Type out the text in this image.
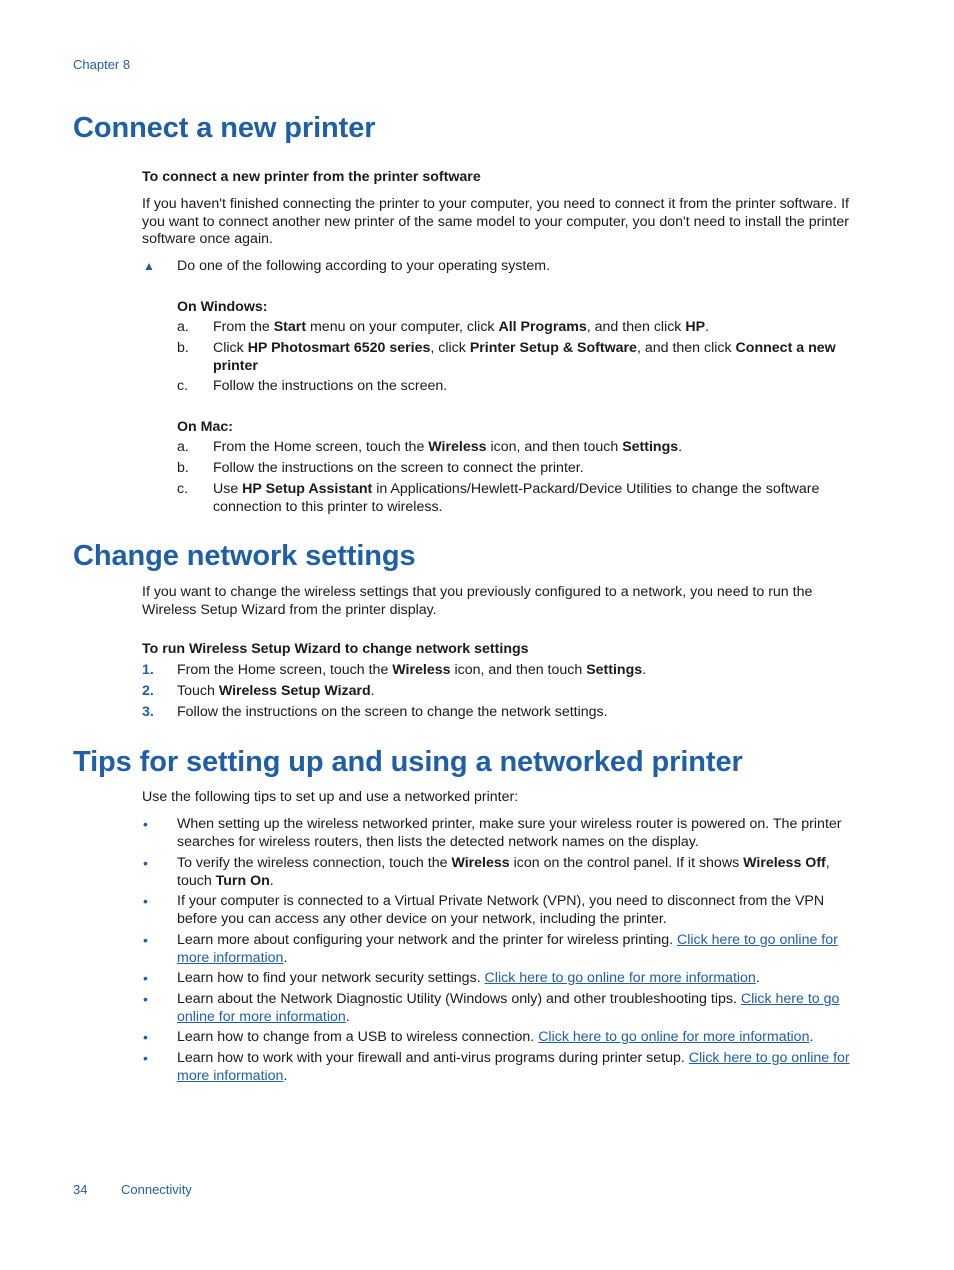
Chapter 8
Connect a new printer
To connect a new printer from the printer software
If you haven't finished connecting the printer to your computer, you need to connect it from the printer software. If you want to connect another new printer of the same model to your computer, you don't need to install the printer software once again.
▲ Do one of the following according to your operating system.
On Windows:
a. From the Start menu on your computer, click All Programs, and then click HP.
b. Click HP Photosmart 6520 series, click Printer Setup & Software, and then click Connect a new
printer
c. Follow the instructions on the screen.
On Mac:
a. From the Home screen, touch the Wireless icon, and then touch Settings.
b. Follow the instructions on the screen to connect the printer.
c. Use HP Setup Assistant in Applications/Hewlett-Packard/Device Utilities to change the software
connection to this printer to wireless.
Change network settings
If you want to change the wireless settings that you previously configured to a network, you need to run the Wireless Setup Wizard from the printer display.
To run Wireless Setup Wizard to change network settings
1. From the Home screen, touch the Wireless icon, and then touch Settings.
2. Touch Wireless Setup Wizard.
3. Follow the instructions on the screen to change the network settings.
Tips for setting up and using a networked printer
Use the following tips to set up and use a networked printer:
• When setting up the wireless networked printer, make sure your wireless router is powered on. The printer searches for wireless routers, then lists the detected network names on the display.
• To verify the wireless connection, touch the Wireless icon on the control panel. If it shows Wireless Off,
touch Turn On.
• If your computer is connected to a Virtual Private Network (VPN), you need to disconnect from the VPN before you can access any other device on your network, including the printer.
• Learn more about configuring your network and the printer for wireless printing. Click here to go online for
more information.
• Learn how to find your network security settings. Click here to go online for more information.
• Learn about the Network Diagnostic Utility (Windows only) and other troubleshooting tips. Click here to go
online for more information.
• Learn how to change from a USB to wireless connection. Click here to go online for more information.
• Learn how to work with your firewall and anti-virus programs during printer setup. Click here to go online for
more information.
34	Connectivity
